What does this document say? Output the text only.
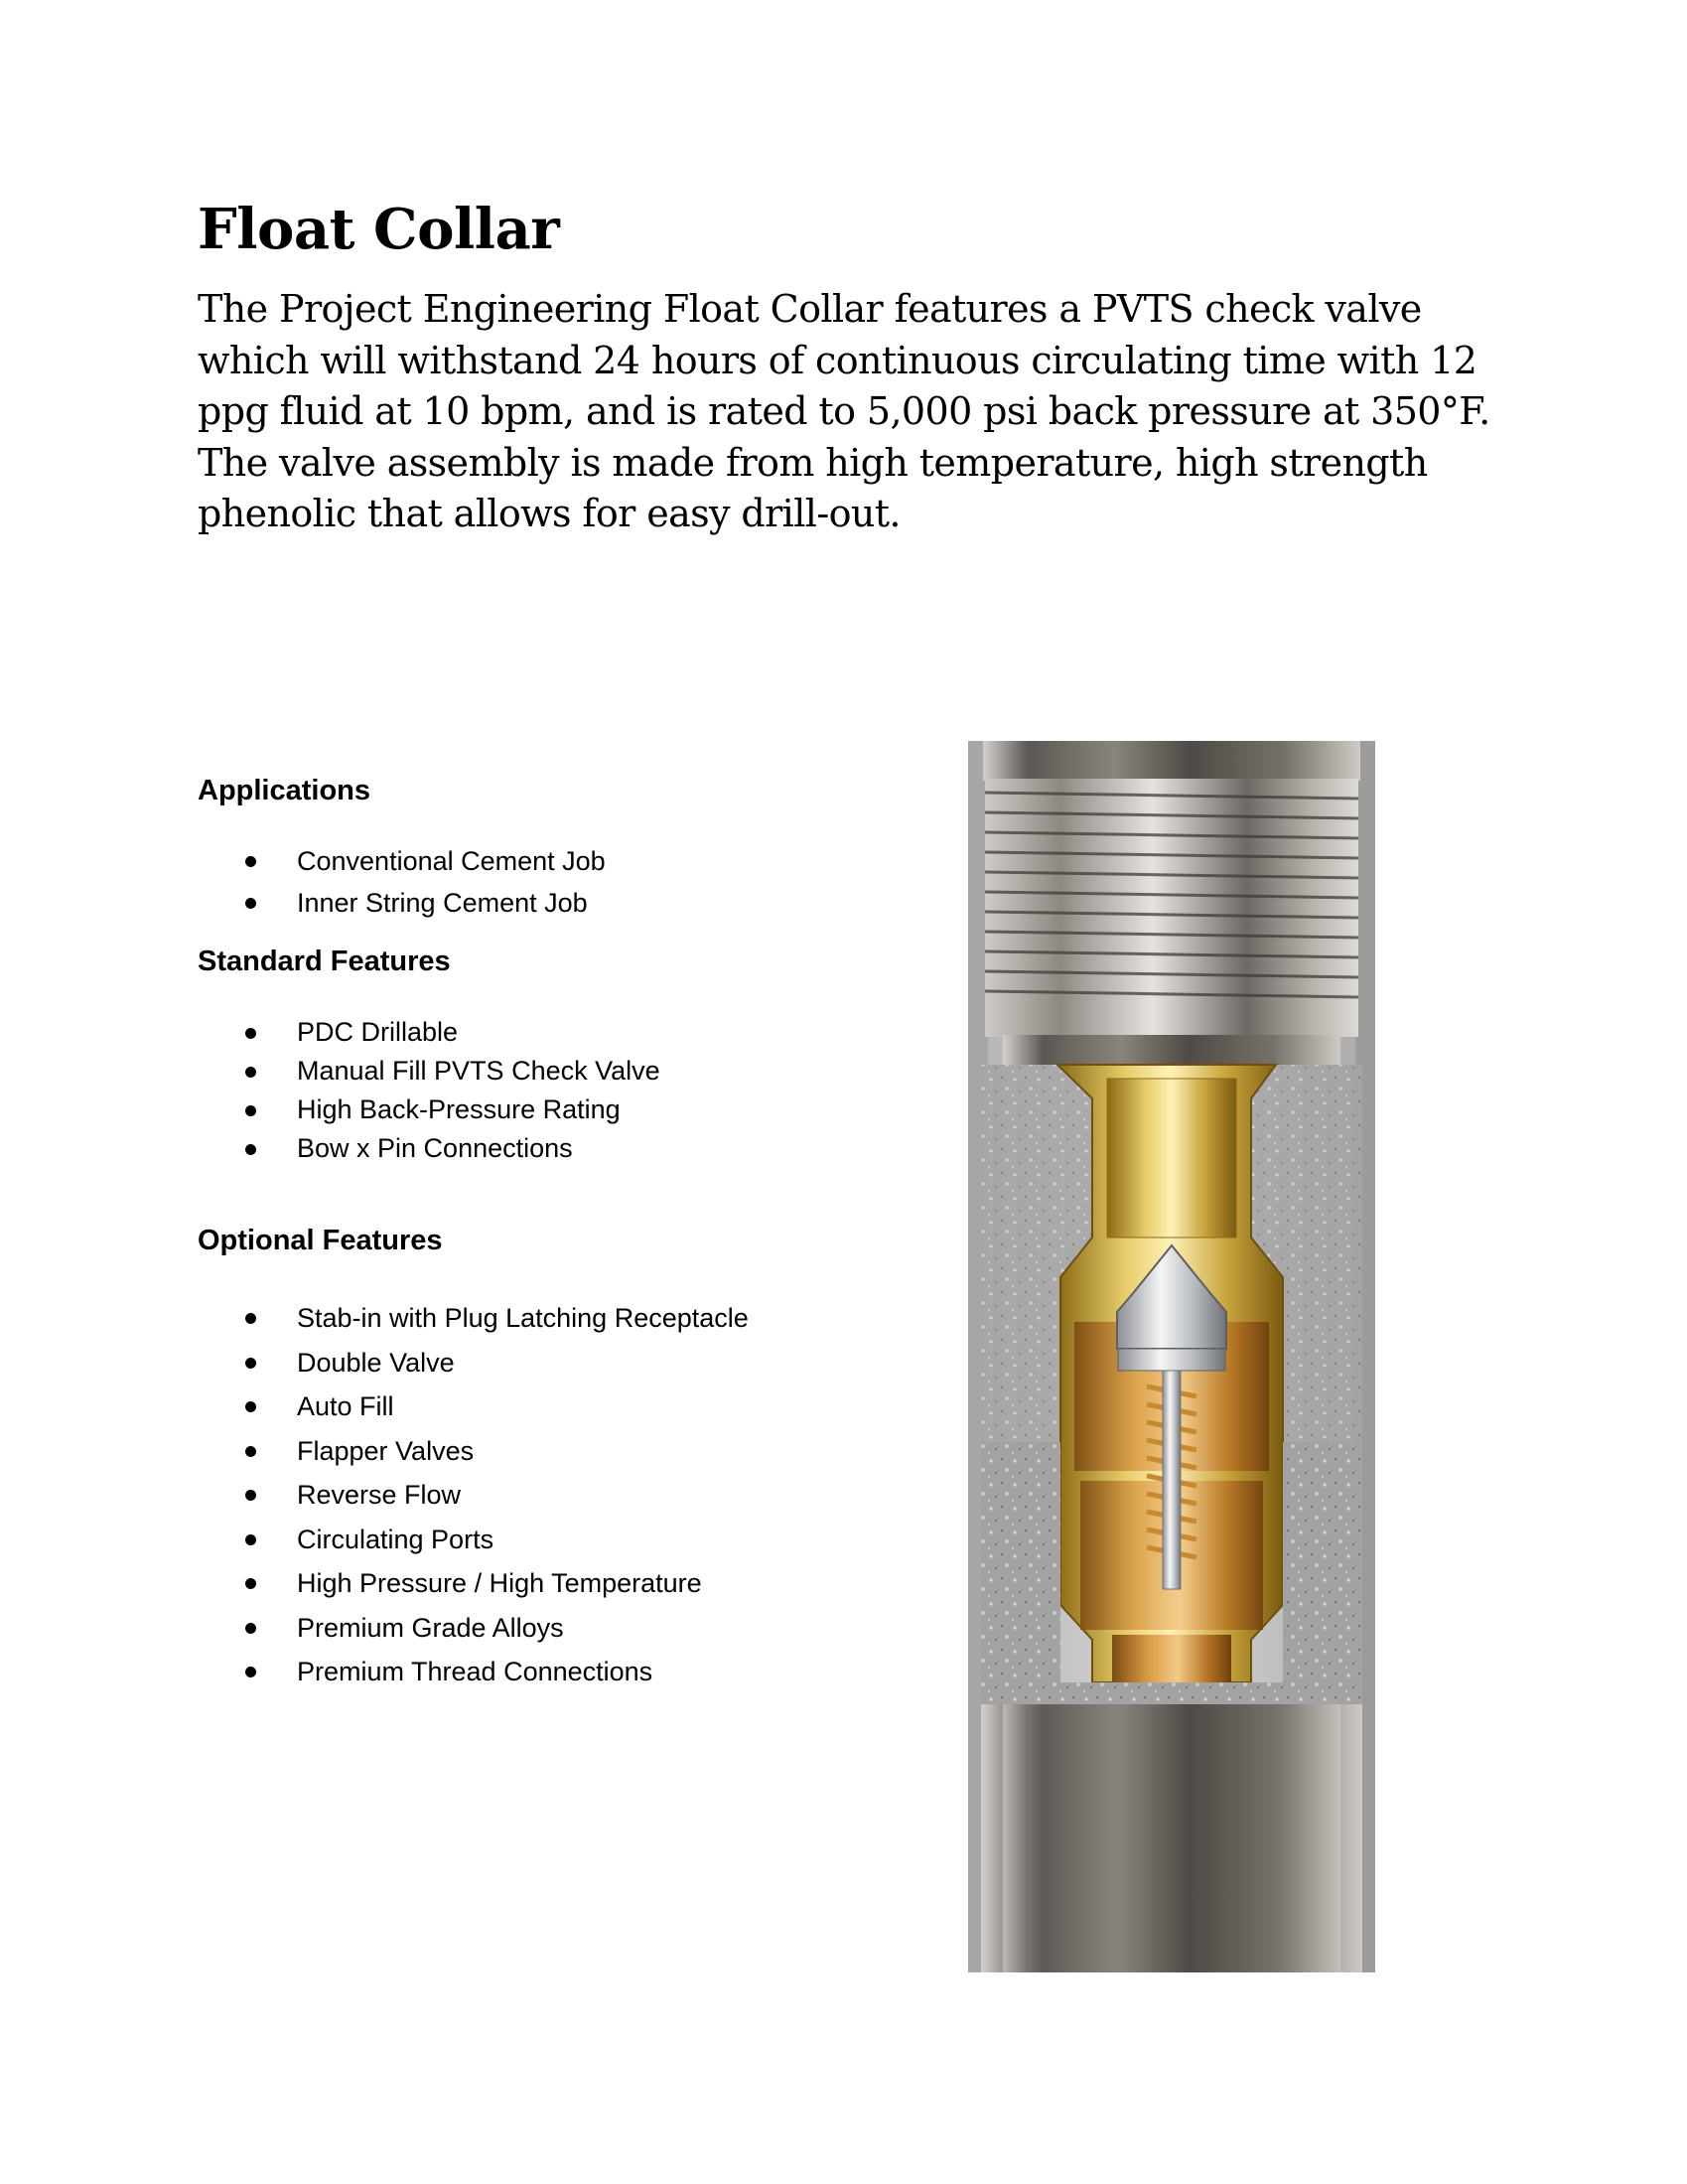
Float Collar

The Project Engineering Float Collar features a PVTS check valve which will withstand 24 hours of continuous circulating time with 12 ppg fluid at 10 bpm, and is rated to 5,000 psi back pressure at 350°F. The valve assembly is made from high temperature, high strength phenolic that allows for easy drill-out.

Applications
Conventional Cement Job
Inner String Cement Job
Standard Features
PDC Drillable
Manual Fill PVTS Check Valve
High Back-Pressure Rating
Bow x Pin Connections
Optional Features
Stab-in with Plug Latching Receptacle
Double Valve
Auto Fill
Flapper Valves
Reverse Flow
Circulating Ports
High Pressure / High Temperature
Premium Grade Alloys
Premium Thread Connections
